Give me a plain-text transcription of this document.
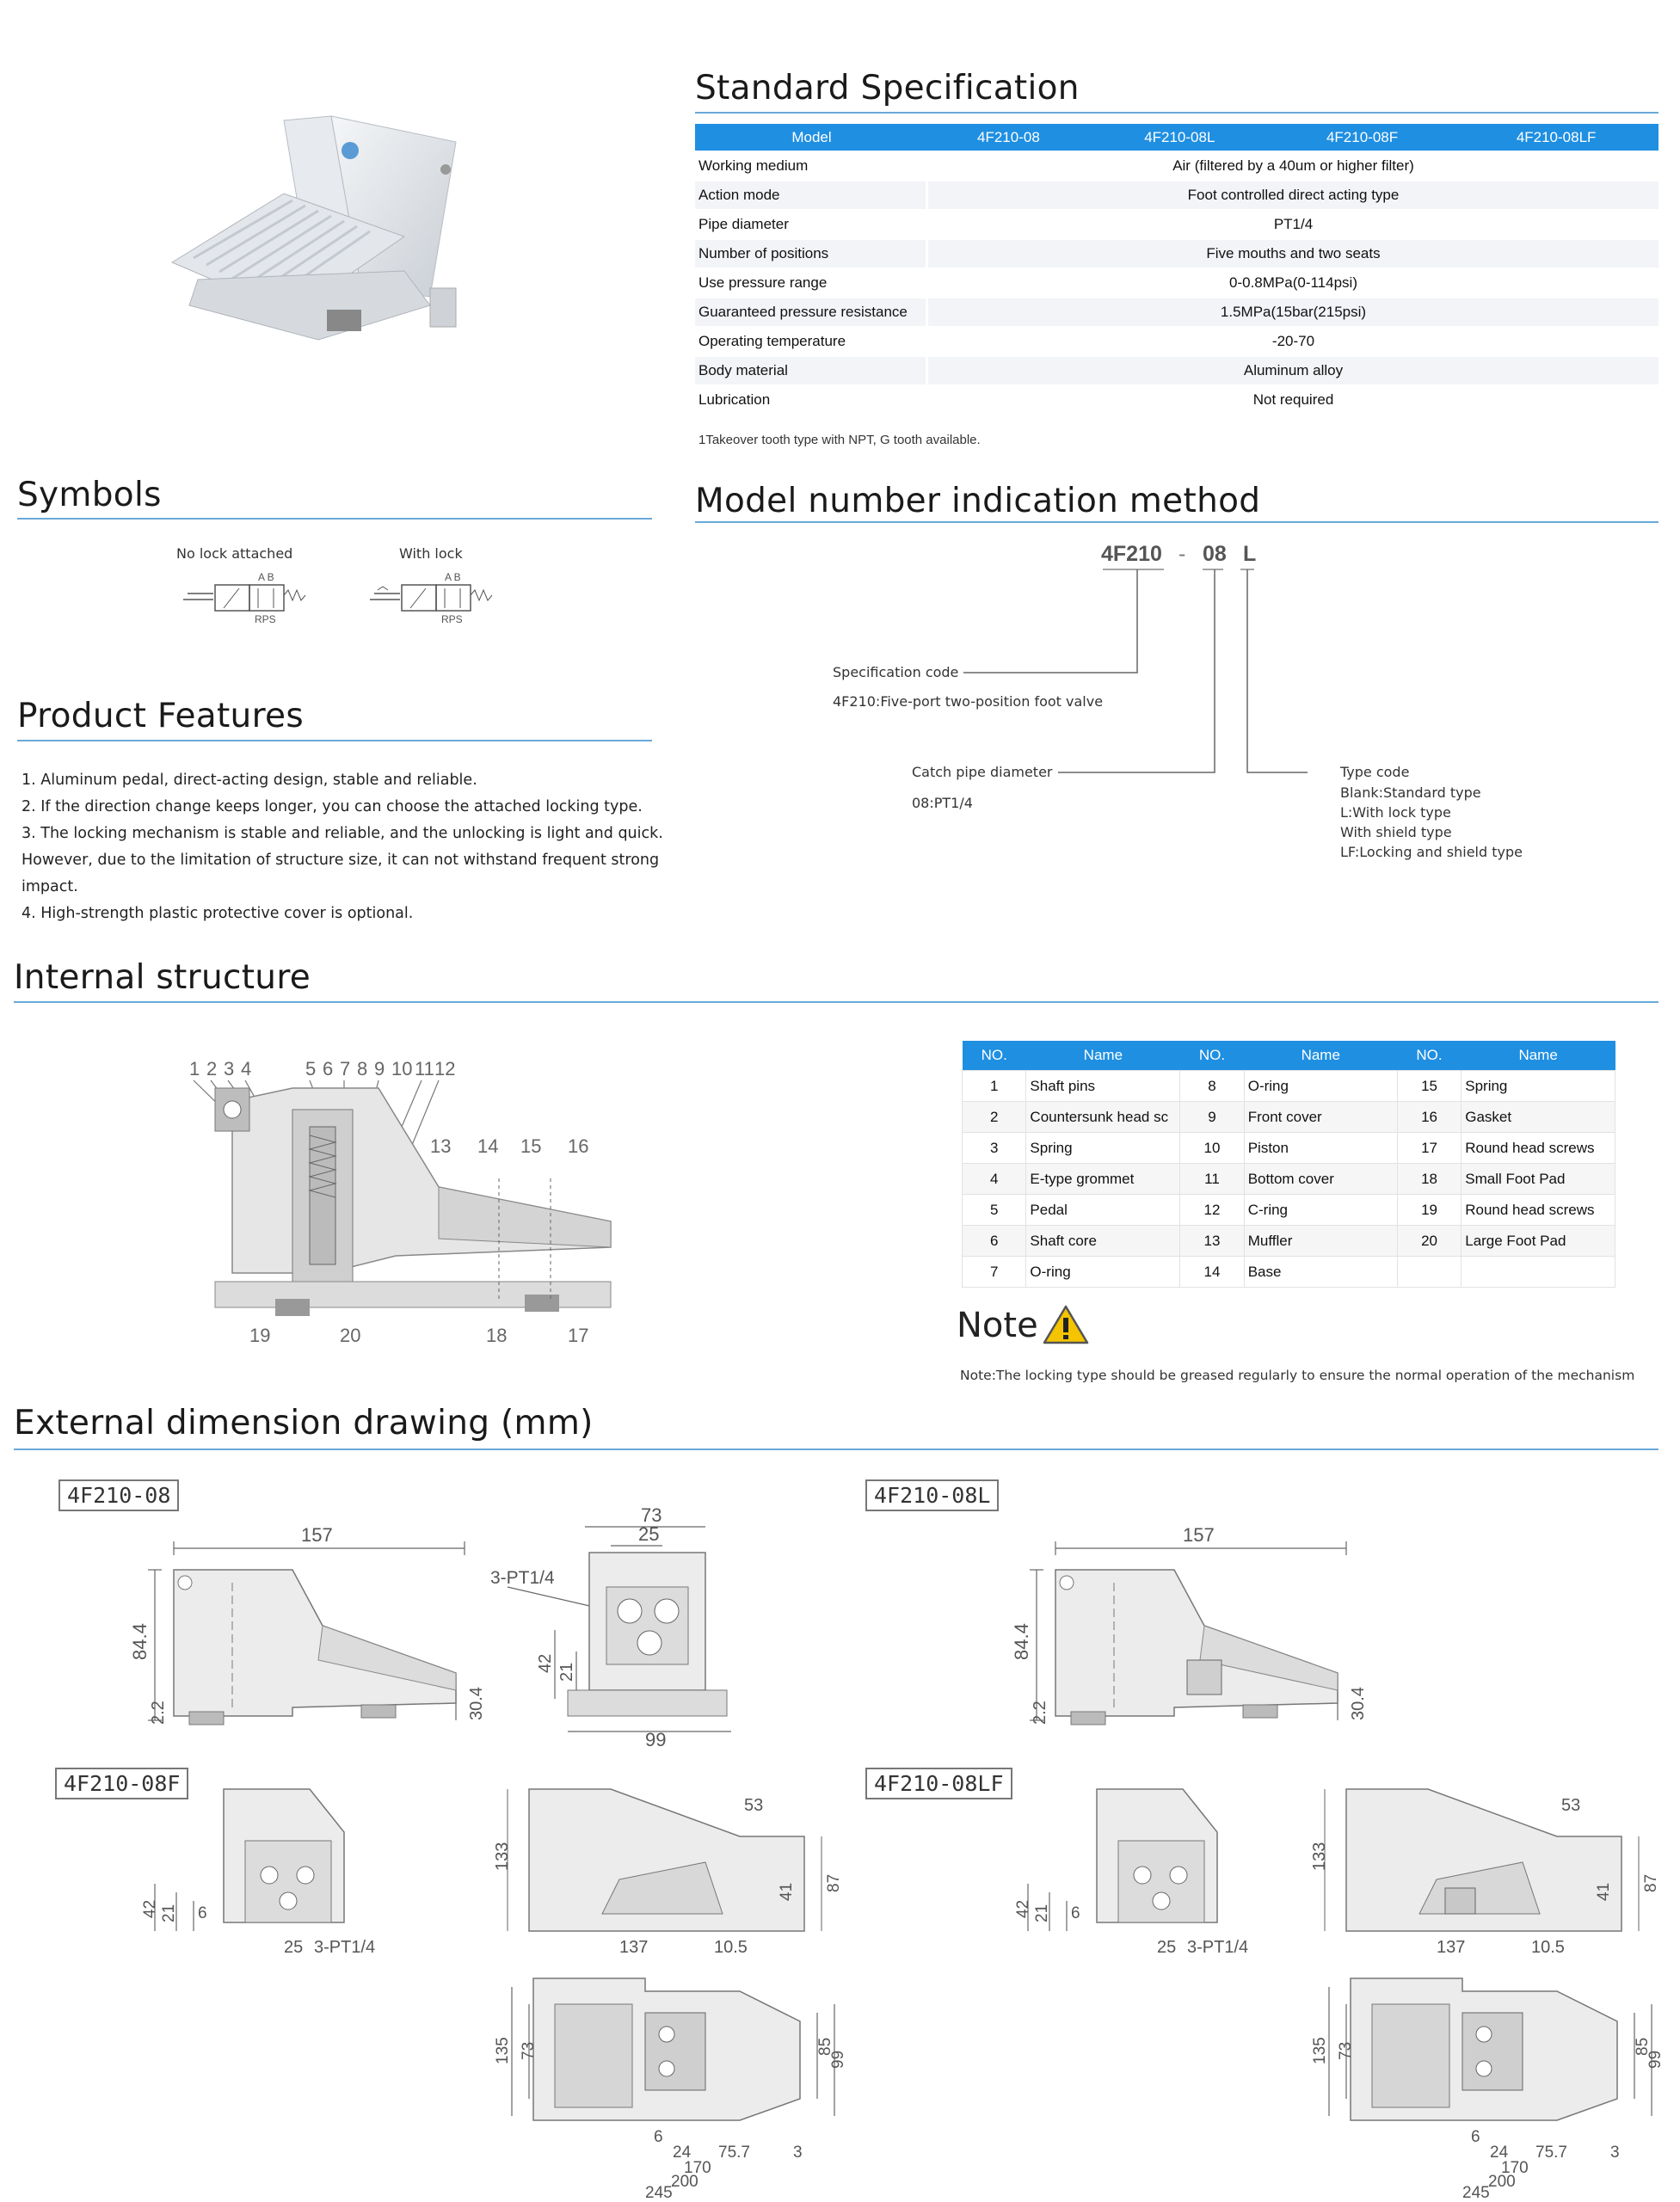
Standard Specification
Model	4F210-08	4F210-08L	4F210-08F	4F210-08LF
Working medium	Air (filtered by a 40um or higher filter)			
Action mode	Foot controlled direct acting type			
Pipe diameter	PT1/4			
Number of positions	Five mouths and two seats			
Use pressure range	0-0.8MPa(0-114psi)			
Guaranteed pressure resistance	1.5MPa(15bar(215psi)			
Operating temperature	-20-70			
Body material	Aluminum alloy			
Lubrication	Not required			
1Takeover tooth type with NPT, G tooth available.
Symbols
No lock attached	With lock
A B
RPS
A B
RPS
Model number indication method
4F210 - 08 L
Specification code
4F210:Five-port two-position foot valve
Catch pipe diameter
08:PT1/4
Type code
Blank:Standard type
L:With lock type
With shield type
LF:Locking and shield type
Product Features
1. Aluminum pedal, direct-acting design, stable and reliable.
2. If the direction change keeps longer, you can choose the attached locking type.
3. The locking mechanism is stable and reliable, and the unlocking is light and quick.
However, due to the limitation of structure size, it can not withstand frequent strong impact.
4. High-strength plastic protective cover is optional.
Internal structure
1 2 3 4	5 6 7 8 9 10 11 12
13 14 15 16
19	20	18	17
NO.	Name	NO.	Name	NO.	Name
1	Shaft pins	8	O-ring	15	Spring
2	Countersunk head sc	9	Front cover	16	Gasket
3	Spring	10	Piston	17	Round head screws
4	E-type grommet	11	Bottom cover	18	Small Foot Pad
5	Pedal	12	C-ring	19	Round head screws
6	Shaft core	13	Muffler	20	Large Foot Pad
7	O-ring	14	Base		
Note
Note:The locking type should be greased regularly to ensure the normal operation of the mechanism
External dimension drawing (mm)
4F210-08	4F210-08L
4F210-08F	4F210-08LF
157
84.4
2.2	30.4
73
25
3-PT1/4
42 21
99
157
84.4
2.2	30.4
42 21 6
25 3-PT1/4
133
53
41 87
137	10.5
135 73	85
99
6
24 75.7	3
170
200
245
42 21 6
25 3-PT1/4
133
53
41 87
137	10.5
135 73	85
99
6
24 75.7	3
170
200
245
